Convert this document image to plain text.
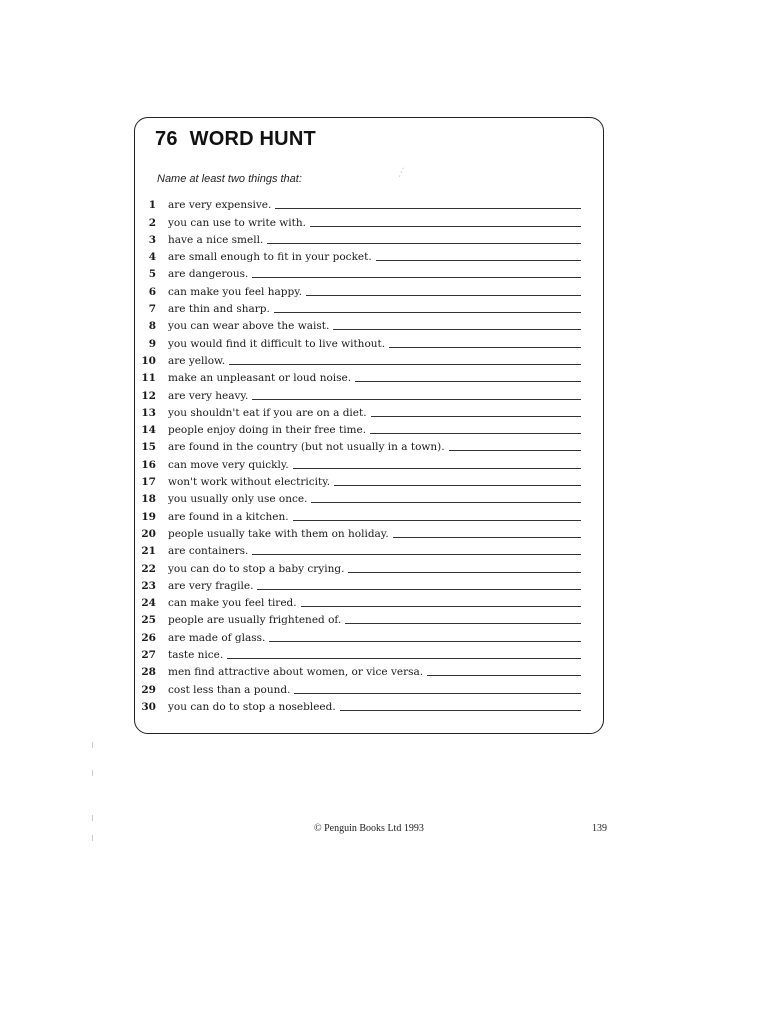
76 WORD HUNT
Name at least two things that:	⋰
1	are very expensive.
2	you can use to write with.
3	have a nice smell.
4	are small enough to fit in your pocket.
5	are dangerous.
6	can make you feel happy.
7	are thin and sharp.
8	you can wear above the waist.
9	you would find it difficult to live without.
10	are yellow.
11	make an unpleasant or loud noise.
12	are very heavy.
13	you shouldn't eat if you are on a diet.
14	people enjoy doing in their free time.
15	are found in the country (but not usually in a town).
16	can move very quickly.
17	won't work without electricity.
18	you usually only use once.
19	are found in a kitchen.
20	people usually take with them on holiday.
21	are containers.
22	you can do to stop a baby crying.
23	are very fragile.
24	can make you feel tired.
25	people are usually frightened of.
26	are made of glass.
27	taste nice.
28	men find attractive about women, or vice versa.
29	cost less than a pound.
30	you can do to stop a nosebleed.
© Penguin Books Ltd 1993	139
